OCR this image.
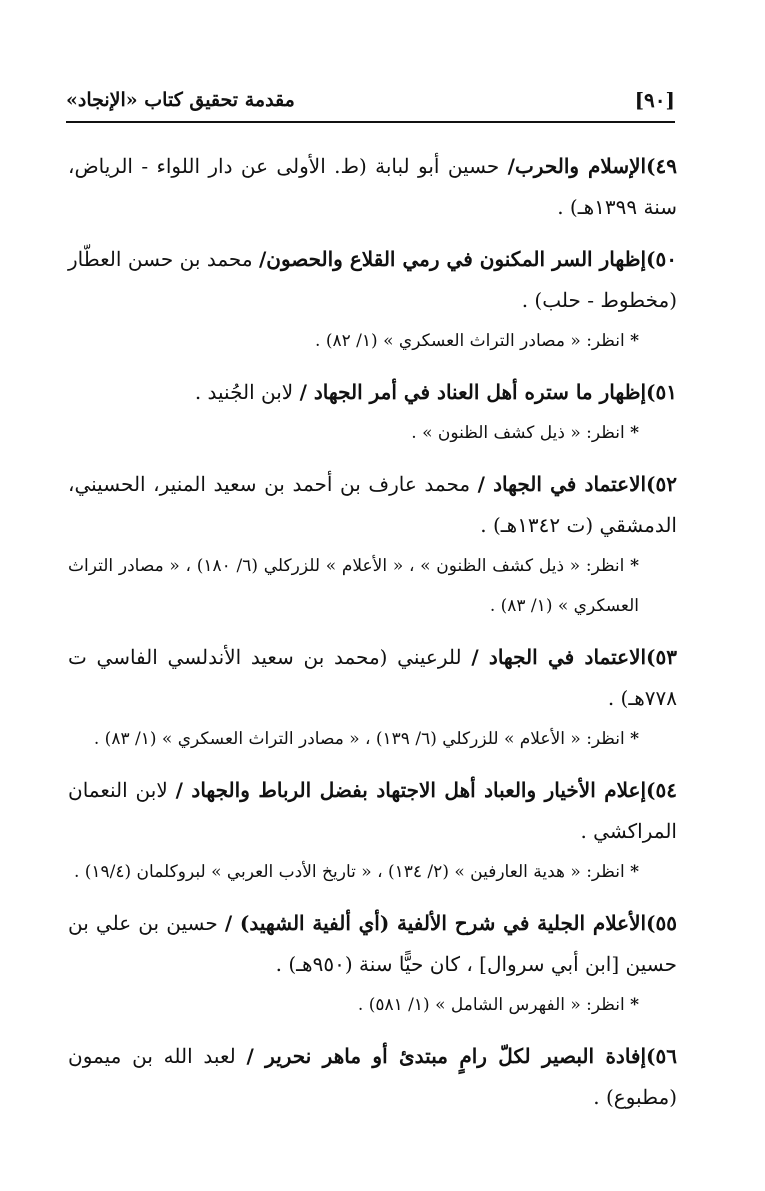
[٩٠]
مقدمة تحقيق كتاب «الإنجاد»

٤٩)الإسلام والحرب/ حسين أبو لبابة (ط. الأولى عن دار اللواء - الرياض، سنة ١٣٩٩هـ) .

٥٠)إظهار السر المكنون في رمي القلاع والحصون/ محمد بن حسن العطّار (مخطوط - حلب) .

* انظر: « مصادر التراث العسكري » (١/ ٨٢) .

٥١)إظهار ما ستره أهل العناد في أمر الجهاد / لابن الجُنيد .

* انظر: « ذيل كشف الظنون » .

٥٢)الاعتماد في الجهاد / محمد عارف بن أحمد بن سعيد المنير، الحسيني، الدمشقي (ت ١٣٤٢هـ) .

* انظر: « ذيل كشف الظنون » ، « الأعلام » للزركلي (٦/ ١٨٠) ، « مصادر التراث العسكري » (١/ ٨٣) .

٥٣)الاعتماد في الجهاد / للرعيني (محمد بن سعيد الأندلسي الفاسي ت ٧٧٨هـ) .

* انظر: « الأعلام » للزركلي (٦/ ١٣٩) ، « مصادر التراث العسكري » (١/ ٨٣) .

٥٤)إعلام الأخيار والعباد أهل الاجتهاد بفضل الرباط والجهاد / لابن النعمان المراكشي .

* انظر: « هدية العارفين » (٢/ ١٣٤) ، « تاريخ الأدب العربي » لبروكلمان (١٩/٤) .

٥٥)الأعلام الجلية في شرح الألفية (أي ألفية الشهيد) / حسين بن علي بن حسين [ابن أبي سروال] ، كان حيًّا سنة (٩٥٠هـ) .

* انظر: « الفهرس الشامل » (١/ ٥٨١) .

٥٦)إفادة البصير لكلّ رامٍ مبتدئ أو ماهر نحرير / لعبد الله بن ميمون (مطبوع) .
